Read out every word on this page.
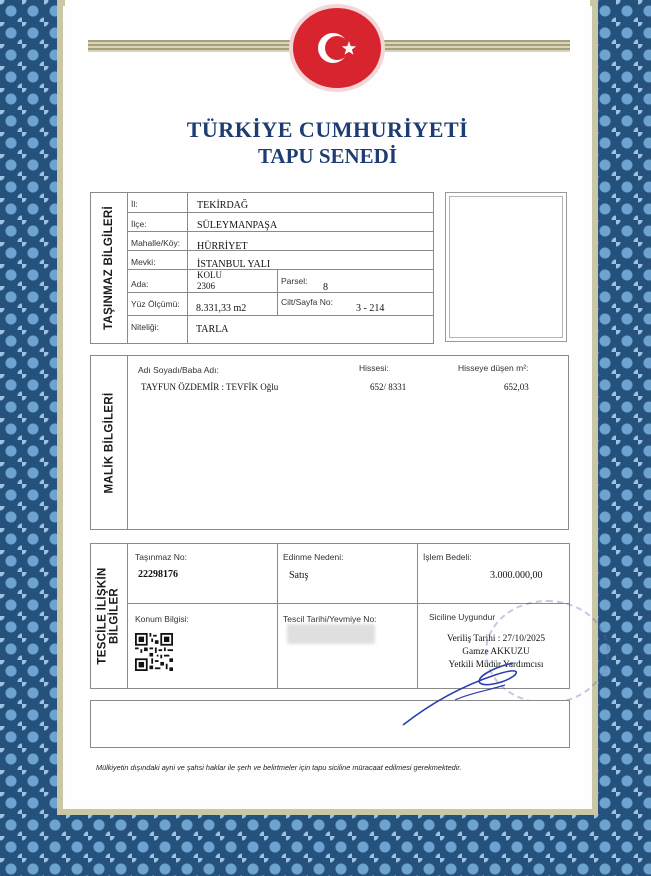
TÜRKİYE CUMHURİYETİ
TAPU SENEDİ
TAŞINMAZ BİLGİLERİ
İl:	TEKİRDAĞ
İlçe:	SÜLEYMANPAŞA
Mahalle/Köy: HÜRRİYET
Mevki:	İSTANBUL YALI
Ada:
KOLU
2306	Parsel:
8
Yüz Ölçümü: 8.331,33 m2
Cilt/Sayfa No:
3 - 214
Niteliği:	TARLA
MALİK BİLGİLERİ
Adı Soyadı/Baba Adı:	Hissesi:	Hisseye düşen m²:
TAYFUN ÖZDEMİR : TEVFİK Oğlu	652/ 8331	652,03
TESCİLE İLİŞKİN
BİLGİLER
Taşınmaz No:
22298176
Edinme Nedeni:
Satış
İşlem Bedeli:
3.000.000,00
Konum Bilgisi:	Tescil Tarihi/Yevmiye No:	Siciline Uygundur
Veriliş Tarihi : 27/10/2025
Gamze AKKUZU
Yetkili Müdür Yardımcısı
Mülkiyetin dışındaki ayni ve şahsi haklar ile şerh ve belirtmeler için tapu siciline müracaat edilmesi gerekmektedir.
